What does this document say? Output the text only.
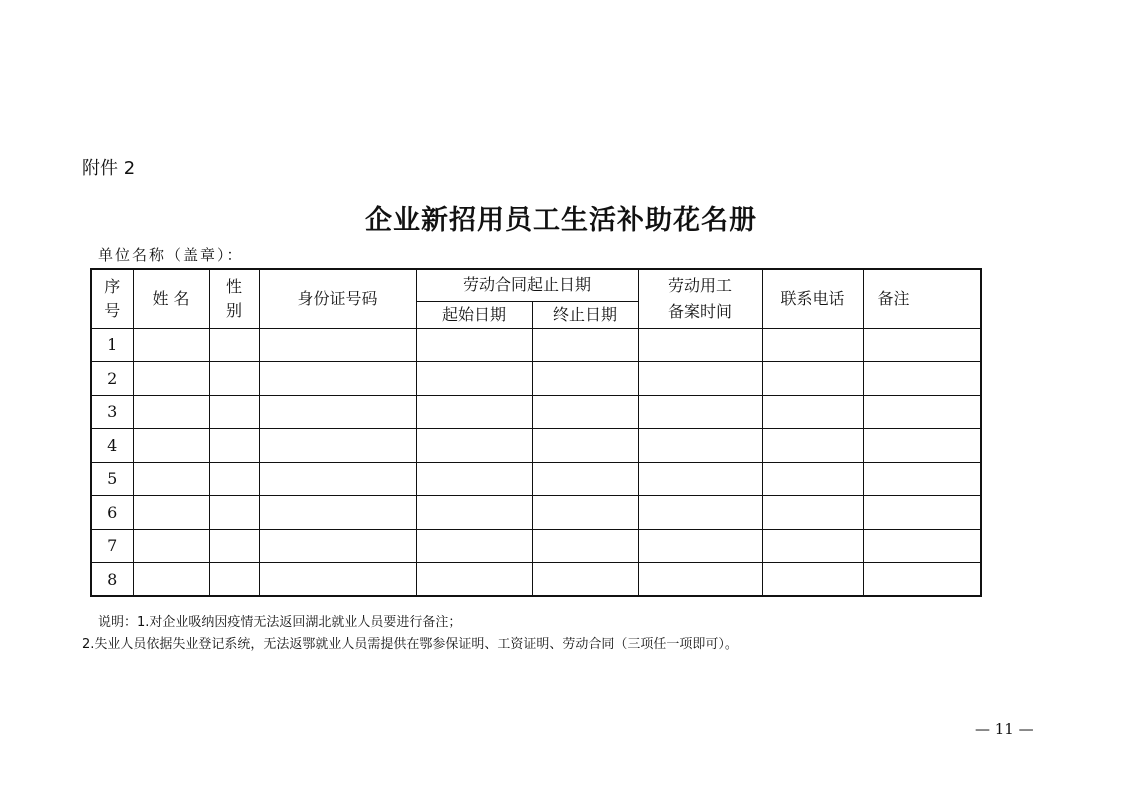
附件 2
企业新招用员工生活补助花名册
单位名称（盖章）：
序号	姓 名	性别	身份证号码	劳动合同起止日期		劳动用工备案时间	联系电话	备注
				起始日期	终止日期			
1								
2								
3								
4								
5								
6								
7								
8								
说明：1.对企业吸纳因疫情无法返回湖北就业人员要进行备注；
2.失业人员依据失业登记系统，无法返鄂就业人员需提供在鄂参保证明、工资证明、劳动合同（三项任一项即可）。
— 11 —
